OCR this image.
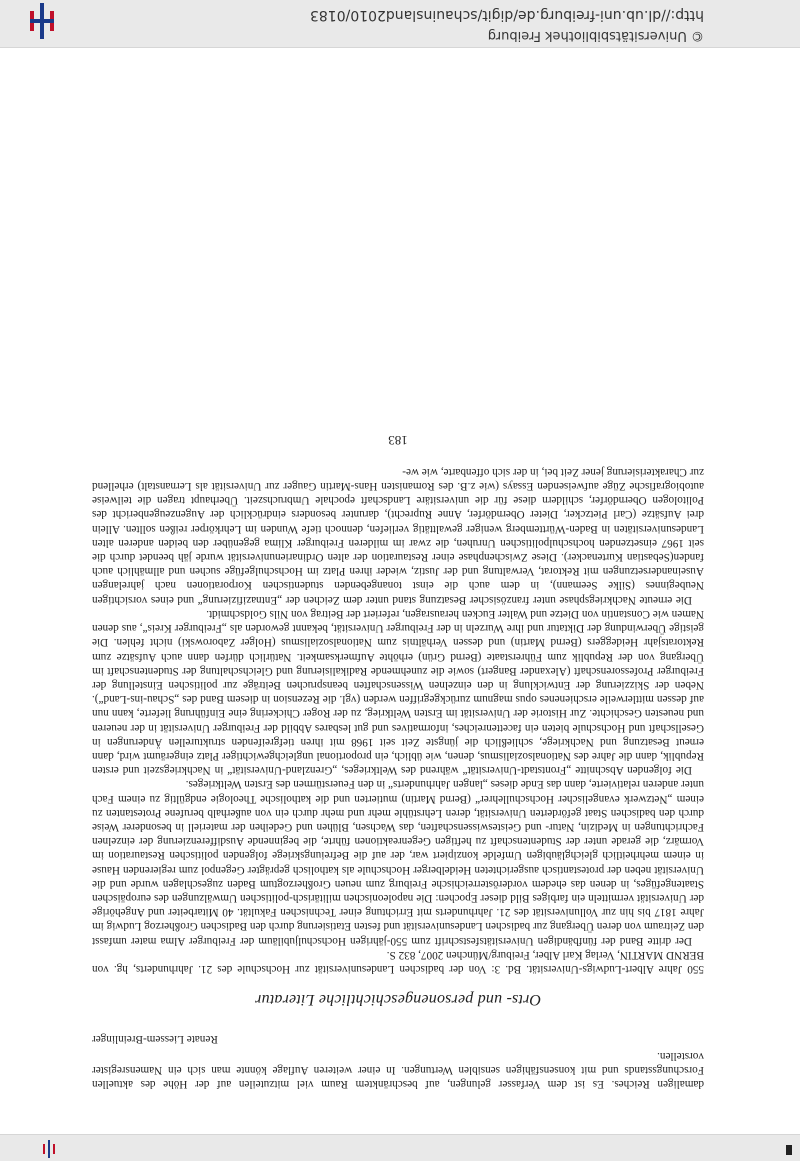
damaligen Reiches. Es ist dem Verfasser gelungen, auf beschränktem Raum viel mitzuteilen auf der Höhe des aktuellen Forschungsstands und mit konsensfähigen sensiblen Wertungen. In einer weiteren Auflage könnte man sich ein Namensregister vorstellen.

Renate Liessem-Breinlinger
Orts- und personengeschichtliche Literatur

550 Jahre Albert-Ludwigs-Universität. Bd. 3: Von der badischen Landesuniversität zur Hochschule des 21. Jahrhunderts, hg. von BERND MARTIN, Verlag Karl Alber, Freiburg/München 2007, 832 S.

Der dritte Band der fünfbändigen Universitätsfestschrift zum 550-jährigen Hochschuljubiläum der Freiburger Alma mater umfasst den Zeitraum von deren Übergang zur badischen Landesuniversität und festen Etatisierung durch den Badischen Großherzog Ludwig im Jahre 1817 bis hin zur Volluniversität des 21. Jahrhunderts mit Errichtung einer Technischen Fakultät. 40 Mitarbeiter und Angehörige der Universität vermitteln ein farbiges Bild dieser Epochen: Die napoleonischen militärisch-politischen Umwälzungen des europäischen Staatengefüges, in denen das ehedem vorderösterreichische Freiburg zum neuen Großherzogtum Baden zugeschlagen wurde und die Universität neben der protestantisch ausgerichteten Heidelberger Hochschule als katholisch geprägter Gegenpol zum regierenden Hause in einem mehrheitlich gleichgläubigen Umfelde konzipiert war, der auf die Befreiungskriege folgenden politischen Restauration im Vormärz, die gerade unter der Studentenschaft zu heftigen Gegenreaktionen führte, die beginnende Ausdifferenzierung der einzelnen Fachrichtungen in Medizin, Natur- und Geisteswissenschaften, das Wachsen, Blühen und Gedeihen der materiell in besonderer Weise durch den badischen Staat geförderten Universität, deren Lehrstühle mehr und mehr durch ein von außerhalb berufene Protestanten zu einem „Netzwerk evangelischer Hochschullehrer“ (Bernd Martin) mutierten und die katholische Theologie endgültig zu einem Fach unter anderen relativierte, dann das Ende dieses „langen Jahrhunderts“ in den Feuerstürmen des Ersten Weltkrieges.

Die folgenden Abschnitte „Frontstadt-Universität“ während des Weltkrieges, „Grenzland-Universität“ in Nachkriegszeit und ersten Republik, dann die Jahre des Nationalsozialismus, denen, wie üblich, ein proportional ungleichgewichtiger Platz eingeräumt wird, dann erneut Besatzung und Nachkriege, schließlich die jüngste Zeit seit 1968 mit ihren tiefgreifenden strukturellen Änderungen in Gesellschaft und Hochschule bieten ein facettenreiches, informatives und gut lesbares Abbild der Freiburger Universität in der neueren und neuesten Geschichte. Zur Historie der Universität im Ersten Weltkrieg, zu der Roger Chickering eine Einführung lieferte, kann nun auf dessen mittlerweile erschienenes opus magnum zurückgegriffen werden (vgl. die Rezension in diesem Band des „Schau-ins-Land“). Neben der Skizzierung der Entwicklung in den einzelnen Wissenschaften beanspruchen Beiträge zur politischen Einstellung der Freiburger Professorenschaft (Alexander Bangert) sowie die zunehmende Radikalisierung und Gleichschaltung der Studentenschaft im Übergang von der Republik zum Führerstaate (Bernd Grün) erhöhte Aufmerksamkeit. Natürlich dürfen dann auch Aufsätze zum Rektoratsjahr Heideggers (Bernd Martin) und dessen Verhältnis zum Nationalsozialismus (Holger Zaborowski) nicht fehlen. Die geistige Überwindung der Diktatur und ihre Wurzeln in der Freiburger Universität, bekannt geworden als „Freiburger Kreis“, aus denen Namen wie Constantin von Dietze und Walter Eucken herausragen, referiert der Beitrag von Nils Goldschmidt.

Die erneute Nachkriegsphase unter französischer Besatzung stand unter dem Zeichen der „Entnazifizierung“ und eines vorsichtigen Neubeginnes (Silke Seemann), in dem auch die einst tonangebenden studentischen Korporationen nach jahrelangen Auseinandersetzungen mit Rektorat, Verwaltung und der Justiz, wieder ihren Platz im Hochschulgefüge suchen und allmählich auch fanden(Sebastian Kurtenacker). Diese Zwischenphase einer Restauration der alten Ordinarienuniversität wurde jäh beendet durch die seit 1967 einsetzenden hochschulpolitischen Unruhen, die zwar im milderen Freiburger Klima gegenüber den beiden anderen alten Landesuniversitäten in Baden-Württemberg weniger gewalttätig verliefen, dennoch tiefe Wunden im Lehrkörper reißen sollten. Allein drei Aufsätze (Carl Pietzcker, Dieter Oberndörfer, Anne Ruprecht), darunter besonders eindrücklich der Augenzeugenbericht des Politologen Oberndörfer, schildern diese für die universitäre Landschaft epochale Umbruchszeit. Überhaupt tragen die teilweise autobiografische Züge aufweisenden Essays (wie z.B. des Romanisten Hans-Martin Gauger zur Universität als Lernanstalt) erhellend zur Charakterisierung jener Zeit bei, in der sich offenbarte, wie we-

183
© Universitätsbibliothek Freiburg
http://dl.ub.uni-freiburg.de/digit/schauinsland2010/0183
